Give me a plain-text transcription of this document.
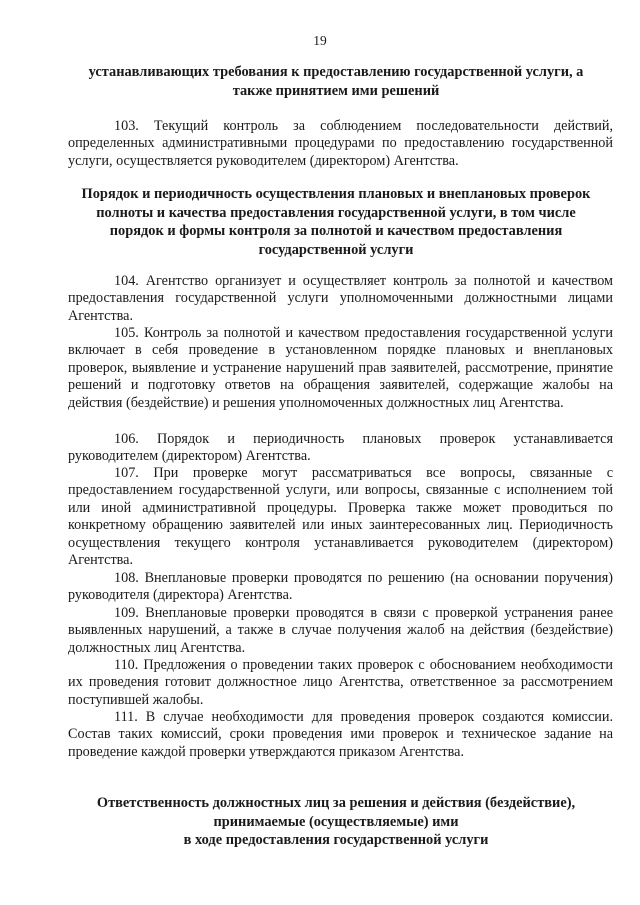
19
устанавливающих требования к предоставлению государственной услуги, а
также принятием ими решений

103. Текущий контроль за соблюдением последовательности действий, определенных административными процедурами по предоставлению государственной услуги, осуществляется руководителем (директором) Агентства.

Порядок и периодичность осуществления плановых и внеплановых проверок
полноты и качества предоставления государственной услуги, в том числе
порядок и формы контроля за полнотой и качеством предоставления
государственной услуги

104. Агентство организует и осуществляет контроль за полнотой и качеством предоставления государственной услуги уполномоченными должностными лицами Агентства.

105. Контроль за полнотой и качеством предоставления государственной услуги включает в себя проведение в установленном порядке плановых и внеплановых проверок, выявление и устранение нарушений прав заявителей, рассмотрение, принятие решений и подготовку ответов на обращения заявителей, содержащие жалобы на действия (бездействие) и решения уполномоченных должностных лиц Агентства.

106. Порядок и периодичность плановых проверок устанавливается руководителем (директором) Агентства.

107. При проверке могут рассматриваться все вопросы, связанные с предоставлением государственной услуги, или вопросы, связанные с исполнением той или иной административной процедуры. Проверка также может проводиться по конкретному обращению заявителей или иных заинтересованных лиц. Периодичность осуществления текущего контроля устанавливается руководителем (директором) Агентства.

108. Внеплановые проверки проводятся по решению (на основании поручения) руководителя (директора) Агентства.

109. Внеплановые проверки проводятся в связи с проверкой устранения ранее выявленных нарушений, а также в случае получения жалоб на действия (бездействие) должностных лиц Агентства.

110. Предложения о проведении таких проверок с обоснованием необходимости их проведения готовит должностное лицо Агентства, ответственное за рассмотрением поступившей жалобы.

111. В случае необходимости для проведения проверок создаются комиссии. Состав таких комиссий, сроки проведения ими проверок и техническое задание на проведение каждой проверки утверждаются приказом Агентства.

Ответственность должностных лиц за решения и действия (бездействие),
принимаемые (осуществляемые) ими
в ходе предоставления государственной услуги
